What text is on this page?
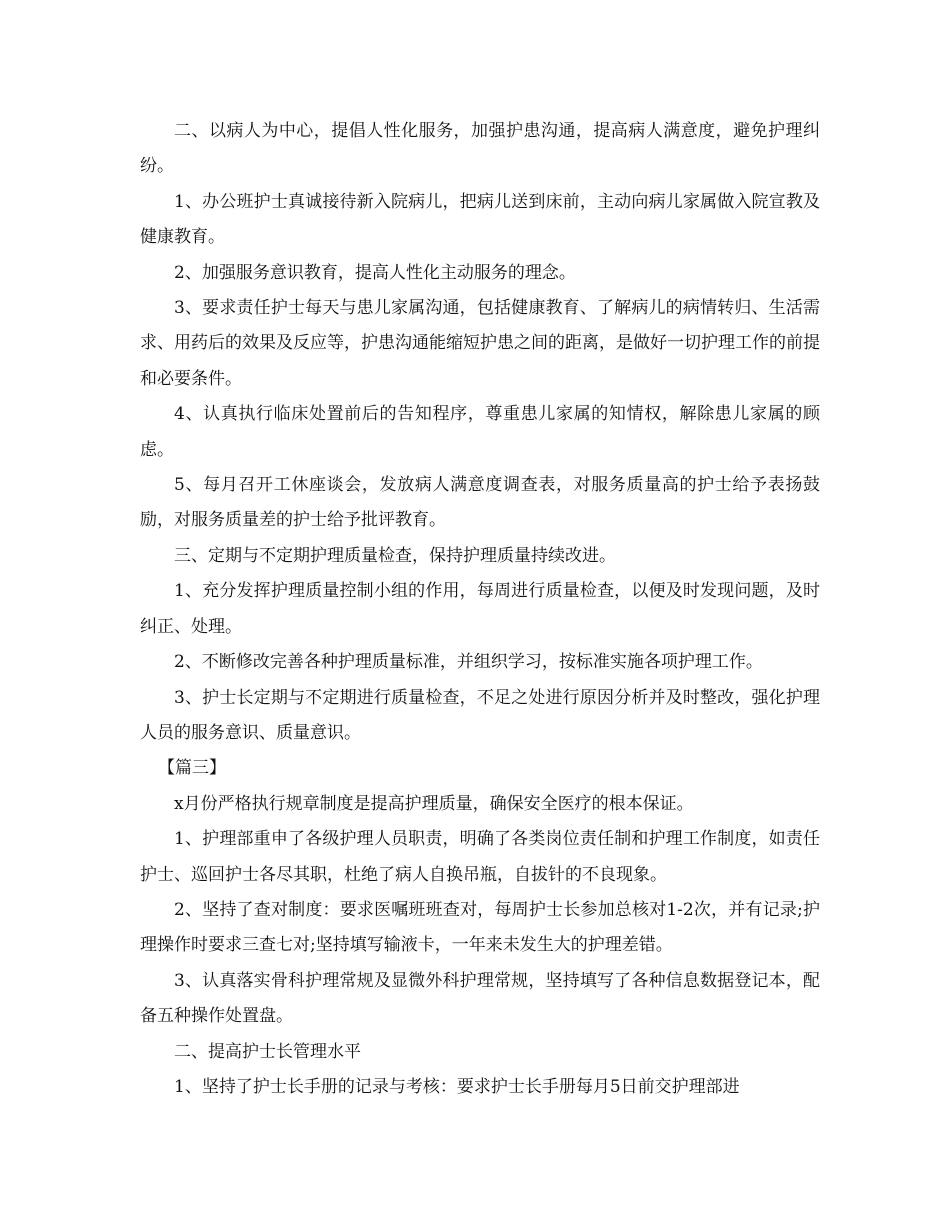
二、以病人为中心，提倡人性化服务，加强护患沟通，提高病人满意度，避免护理纠纷。

1、办公班护士真诚接待新入院病儿，把病儿送到床前，主动向病儿家属做入院宣教及健康教育。

2、加强服务意识教育，提高人性化主动服务的理念。

3、要求责任护士每天与患儿家属沟通，包括健康教育、了解病儿的病情转归、生活需求、用药后的效果及反应等，护患沟通能缩短护患之间的距离，是做好一切护理工作的前提和必要条件。

4、认真执行临床处置前后的告知程序，尊重患儿家属的知情权，解除患儿家属的顾虑。

5、每月召开工休座谈会，发放病人满意度调查表，对服务质量高的护士给予表扬鼓励，对服务质量差的护士给予批评教育。

三、定期与不定期护理质量检查，保持护理质量持续改进。

1、充分发挥护理质量控制小组的作用，每周进行质量检查，以便及时发现问题，及时纠正、处理。

2、不断修改完善各种护理质量标准，并组织学习，按标准实施各项护理工作。

3、护士长定期与不定期进行质量检查，不足之处进行原因分析并及时整改，强化护理人员的服务意识、质量意识。

【篇三】

x月份严格执行规章制度是提高护理质量，确保安全医疗的根本保证。

1、护理部重申了各级护理人员职责，明确了各类岗位责任制和护理工作制度，如责任护士、巡回护士各尽其职，杜绝了病人自换吊瓶，自拔针的不良现象。

2、坚持了查对制度：要求医嘱班班查对，每周护士长参加总核对1-2次，并有记录;护理操作时要求三查七对;坚持填写输液卡，一年来未发生大的护理差错。

3、认真落实骨科护理常规及显微外科护理常规，坚持填写了各种信息数据登记本，配备五种操作处置盘。

二、提高护士长管理水平

1、坚持了护士长手册的记录与考核：要求护士长手册每月5日前交护理部进
